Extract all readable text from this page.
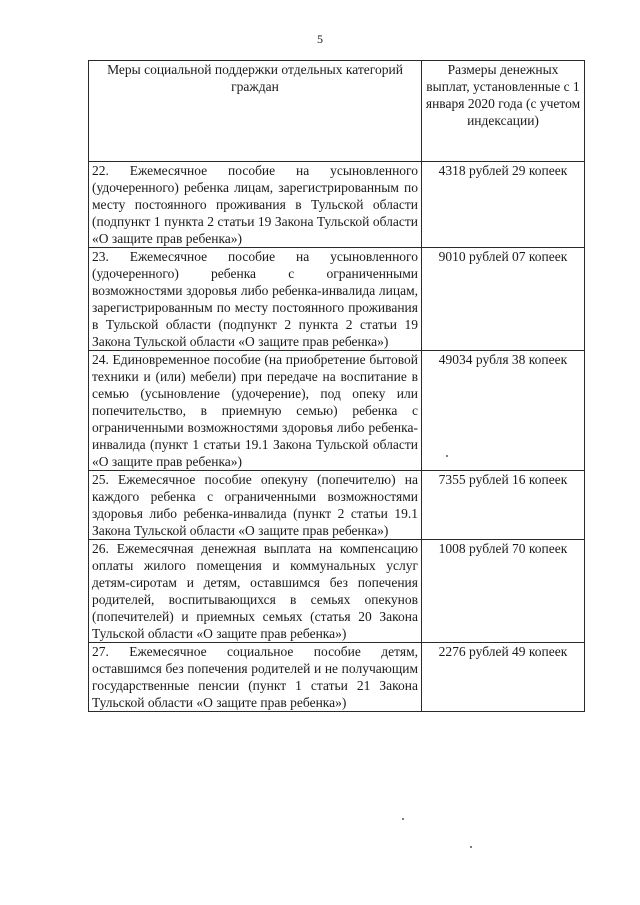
5
Меры социальной поддержки отдельных категорий граждан	Размеры денежных выплат, установленные с 1 января 2020 года (с учетом индексации)
22. Ежемесячное пособие на усыновленного (удочеренного) ребенка лицам, зарегистрированным по месту постоянного проживания в Тульской области (подпункт 1 пункта 2 статьи 19 Закона Тульской области «О защите прав ребенка»)	4318 рублей 29 копеек
23. Ежемесячное пособие на усыновленного (удочеренного) ребенка с ограниченными возможностями здоровья либо ребенка-инвалида лицам, зарегистрированным по месту постоянного проживания в Тульской области (подпункт 2 пункта 2 статьи 19 Закона Тульской области «О защите прав ребенка»)	9010 рублей 07 копеек
24. Единовременное пособие (на приобретение бытовой техники и (или) мебели) при передаче на воспитание в семью (усыновление (удочерение), под опеку или попечительство, в приемную семью) ребенка с ограниченными возможностями здоровья либо ребенка-инвалида (пункт 1 статьи 19.1 Закона Тульской области «О защите прав ребенка»)	49034 рубля 38 копеек
25. Ежемесячное пособие опекуну (попечителю) на каждого ребенка с ограниченными возможностями здоровья либо ребенка-инвалида (пункт 2 статьи 19.1 Закона Тульской области «О защите прав ребенка»)	7355 рублей 16 копеек
26. Ежемесячная денежная выплата на компенсацию оплаты жилого помещения и коммунальных услуг детям-сиротам и детям, оставшимся без попечения родителей, воспитывающихся в семьях опекунов (попечителей) и приемных семьях (статья 20 Закона Тульской области «О защите прав ребенка»)	1008 рублей 70 копеек
27. Ежемесячное социальное пособие детям, оставшимся без попечения родителей и не получающим государственные пенсии (пункт 1 статьи 21 Закона Тульской области «О защите прав ребенка»)	2276 рублей 49 копеек
